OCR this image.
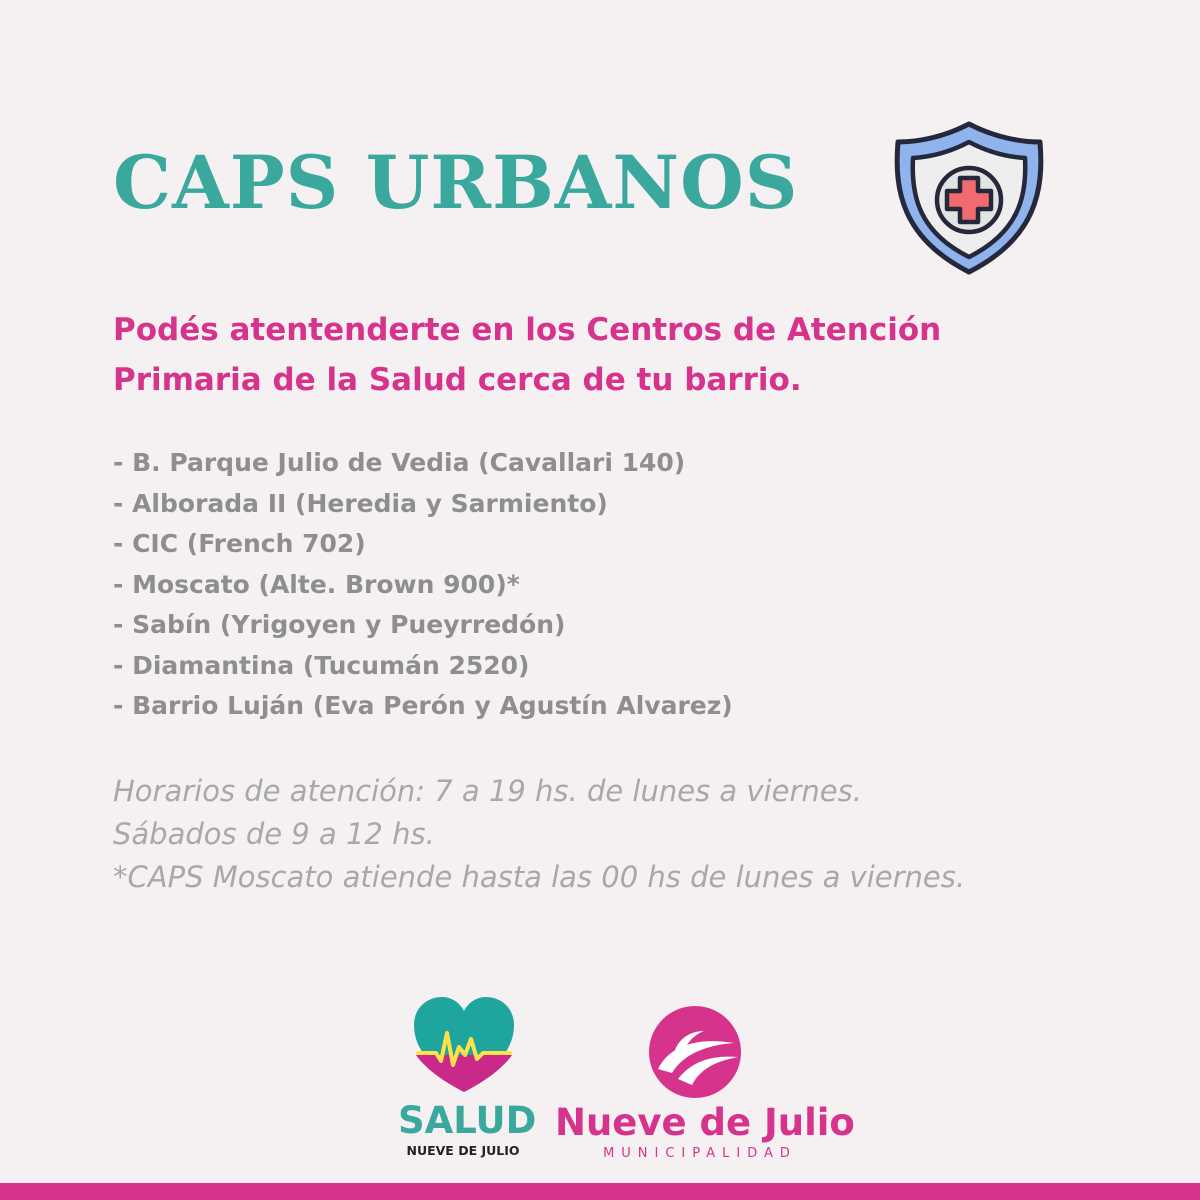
CAPS URBANOS
Podés atentenderte en los Centros de Atención
Primaria de la Salud cerca de tu barrio.
- B. Parque Julio de Vedia (Cavallari 140)
- Alborada II (Heredia y Sarmiento)
- CIC (French 702)
- Moscato (Alte. Brown 900)*
- Sabín (Yrigoyen y Pueyrredón)
- Diamantina (Tucumán 2520)
- Barrio Luján (Eva Perón y Agustín Alvarez)
Horarios de atención: 7 a 19 hs. de lunes a viernes.
Sábados de 9 a 12 hs.
*CAPS Moscato atiende hasta las 00 hs de lunes a viernes.
SALUD
NUEVE DE JULIO
Nueve de Julio
MUNICIPALIDAD
